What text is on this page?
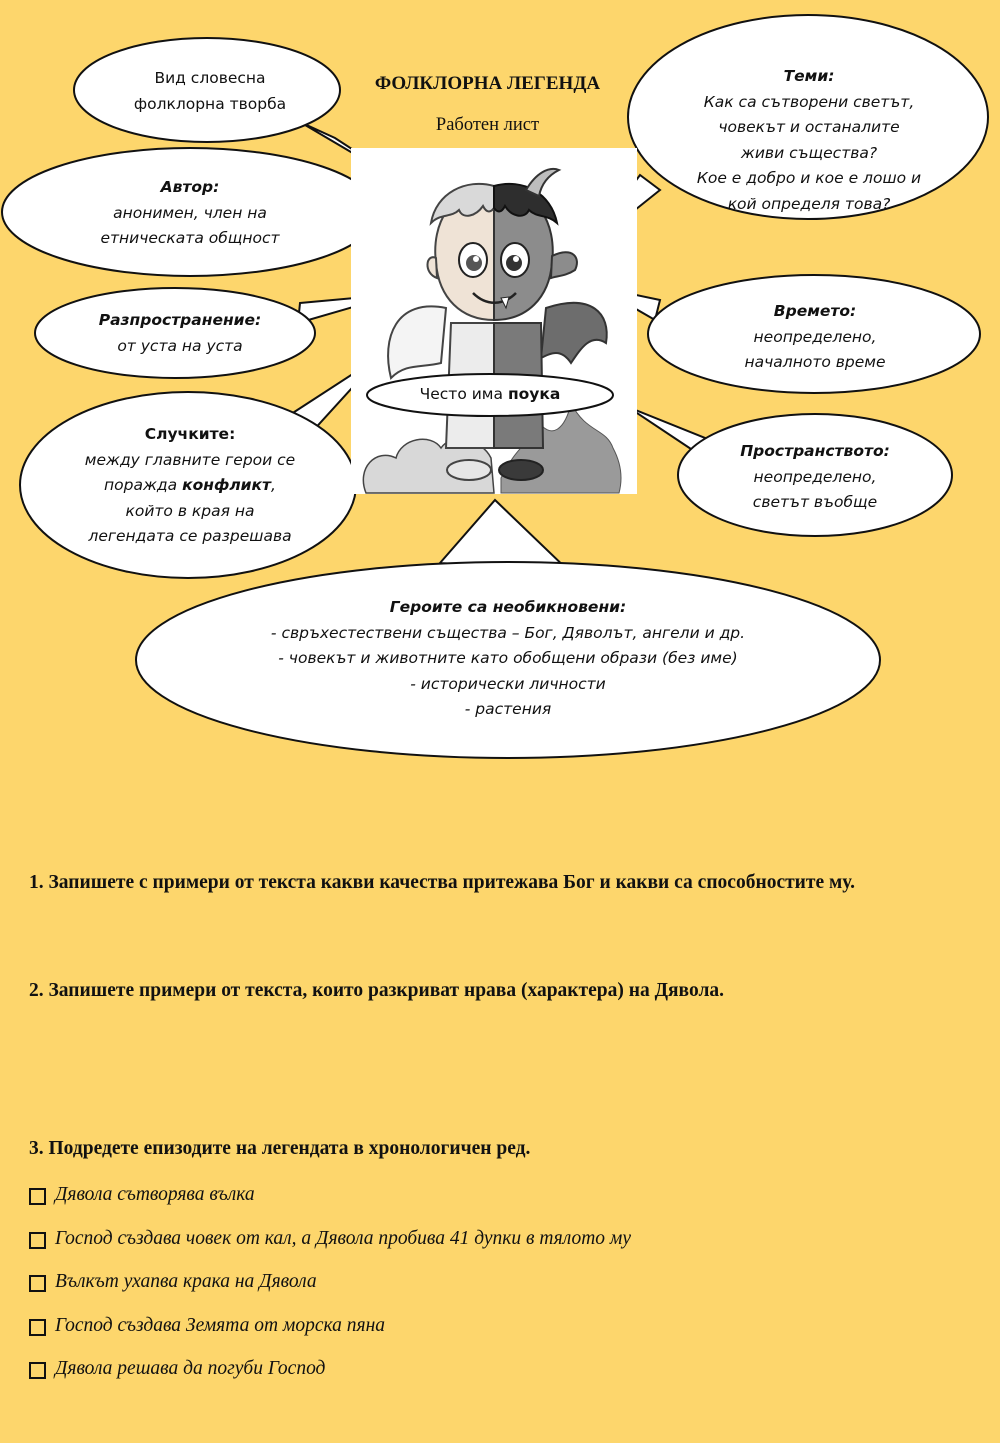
ФОЛКЛОРНА ЛЕГЕНДА
Работен лист
Вид словесна
фолклорна творба
Автор:
анонимен, член на
етническата общност
Разпространение:
от уста на уста
Случките:
между главните герои се
поражда конфликт,
който в края на
легендата се разрешава
Теми:
Как са сътворени светът,
човекът и останалите
живи същества?
Кое е добро и кое е лошо и
кой определя това?
Времето:
неопределено,
началното време
Пространството:
неопределено,
светът въобще
Героите са необикновени:
- свръхестествени същества – Бог, Дяволът, ангели и др.
- човекът и животните като обобщени образи (без име)
- исторически личности
- растения
Често има поука
1. Запишете с примери от текста какви качества притежава Бог и какви са способностите му.
2. Запишете примери от текста, които разкриват нрава (характера) на Дявола.
3. Подредете епизодите на легендата в хронологичен ред.
Дявола сътворява вълка
Господ създава човек от кал, а Дявола пробива 41 дупки в тялото му
Вълкът ухапва крака на Дявола
Господ създава Земята от морска пяна
Дявола решава да погуби Господ
